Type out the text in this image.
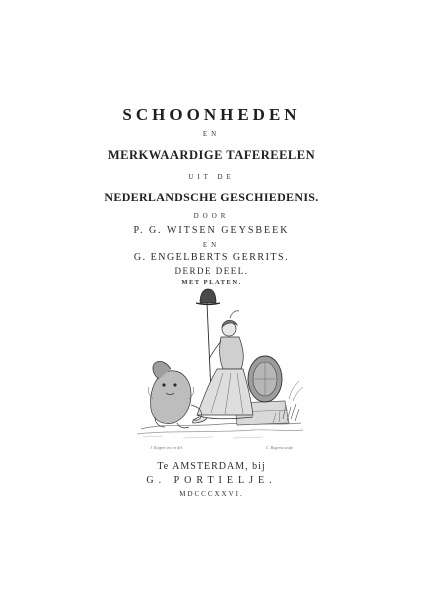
SCHOONHEDEN
EN
MERKWAARDIGE TAFEREELEN
UIT DE
NEDERLANDSCHE GESCHIEDENIS.
DOOR
P. G. WITSEN GEYSBEEK
EN
G. ENGELBERTS GERRITS.
DERDE DEEL.
MET PLATEN.
J. Kuyper inv. et del.	C. Bogerts sculp.
Te AMSTERDAM, bij
G. PORTIELJE.
MDCCCXXVI.
